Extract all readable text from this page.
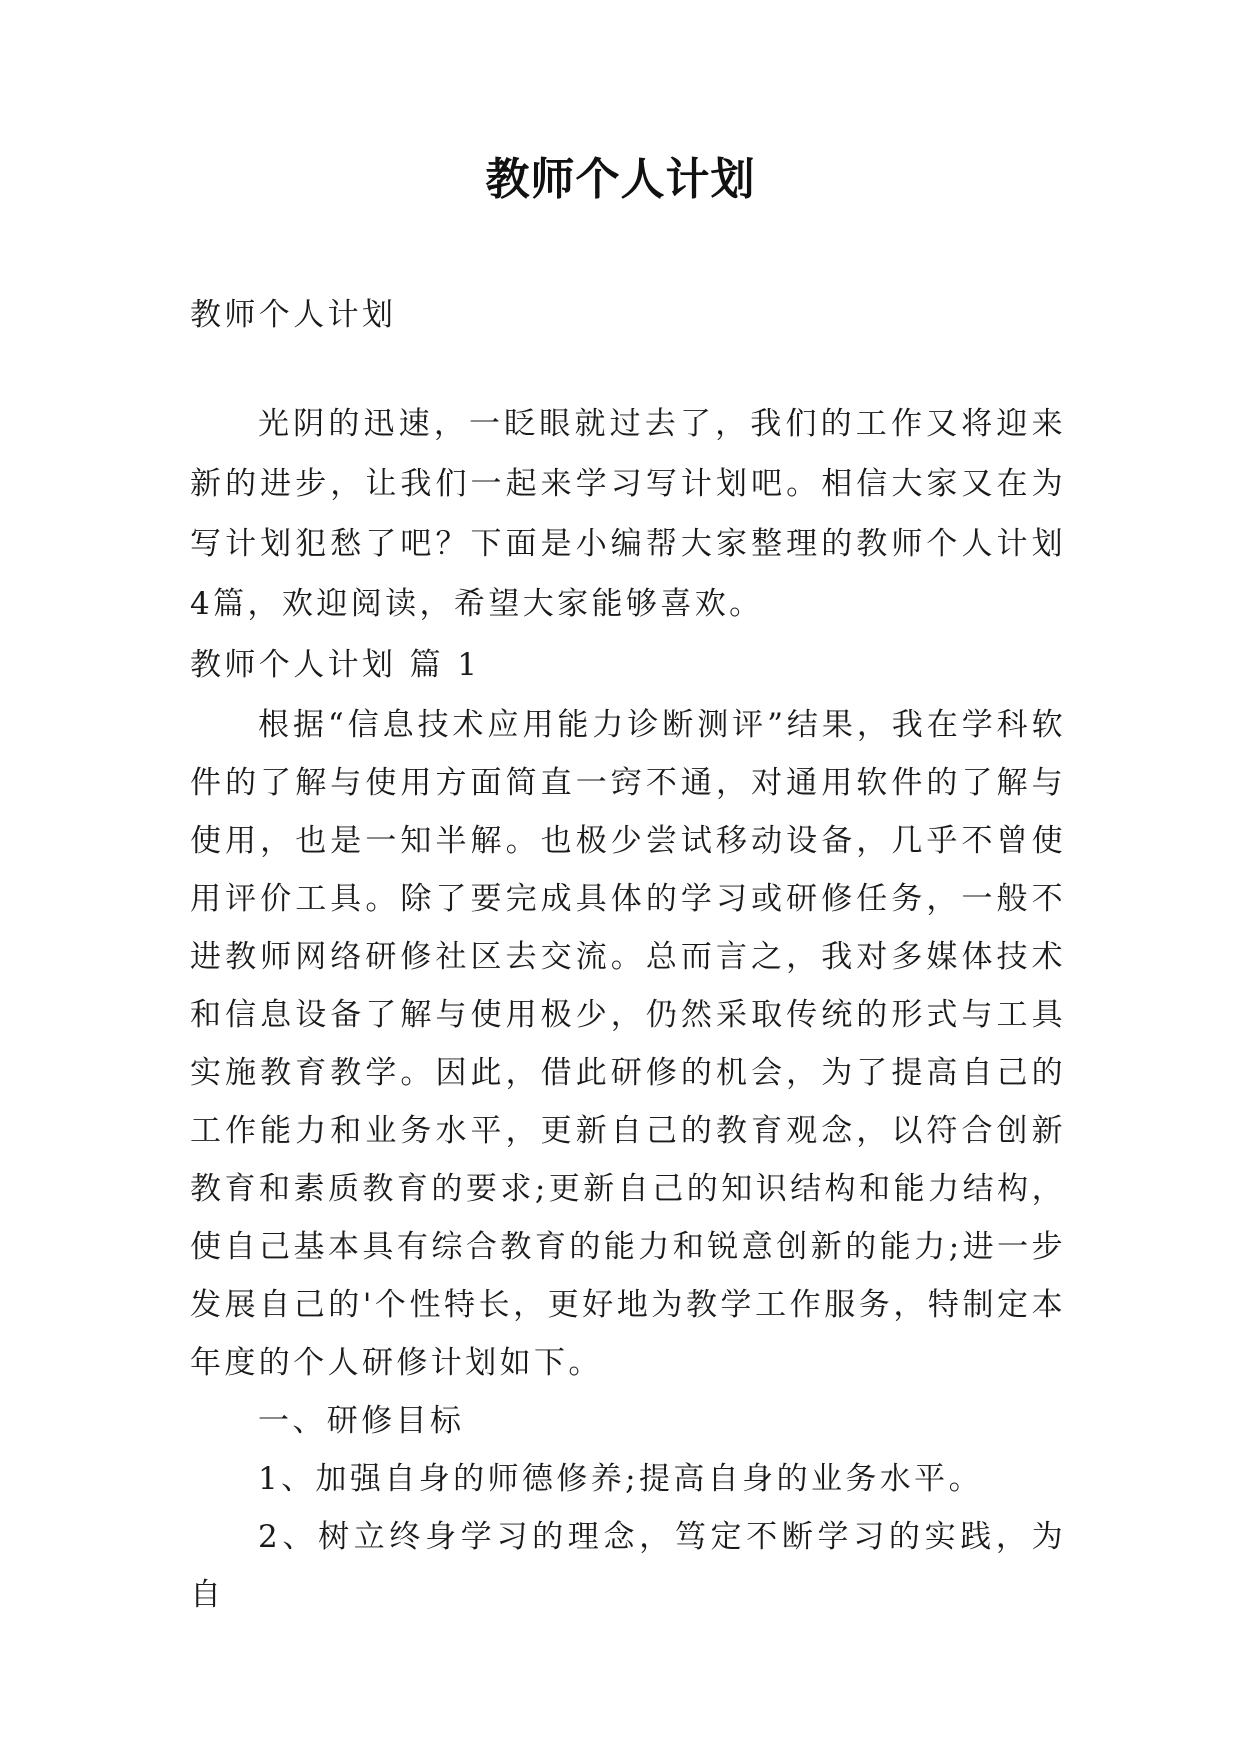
教师个人计划

教师个人计划

光阴的迅速，一眨眼就过去了，我们的工作又将迎来新的进步，让我们一起来学习写计划吧。相信大家又在为写计划犯愁了吧？下面是小编帮大家整理的教师个人计划4篇，欢迎阅读，希望大家能够喜欢。

教师个人计划 篇 1

根据“信息技术应用能力诊断测评”结果，我在学科软件的了解与使用方面简直一窍不通，对通用软件的了解与使用，也是一知半解。也极少尝试移动设备，几乎不曾使用评价工具。除了要完成具体的学习或研修任务，一般不进教师网络研修社区去交流。总而言之，我对多媒体技术和信息设备了解与使用极少，仍然采取传统的形式与工具实施教育教学。因此，借此研修的机会，为了提高自己的工作能力和业务水平，更新自己的教育观念，以符合创新教育和素质教育的要求;更新自己的知识结构和能力结构，使自己基本具有综合教育的能力和锐意创新的能力;进一步发展自己的'个性特长，更好地为教学工作服务，特制定本年度的个人研修计划如下。

一、研修目标

1、加强自身的师德修养;提高自身的业务水平。

2、树立终身学习的理念，笃定不断学习的实践，为自
